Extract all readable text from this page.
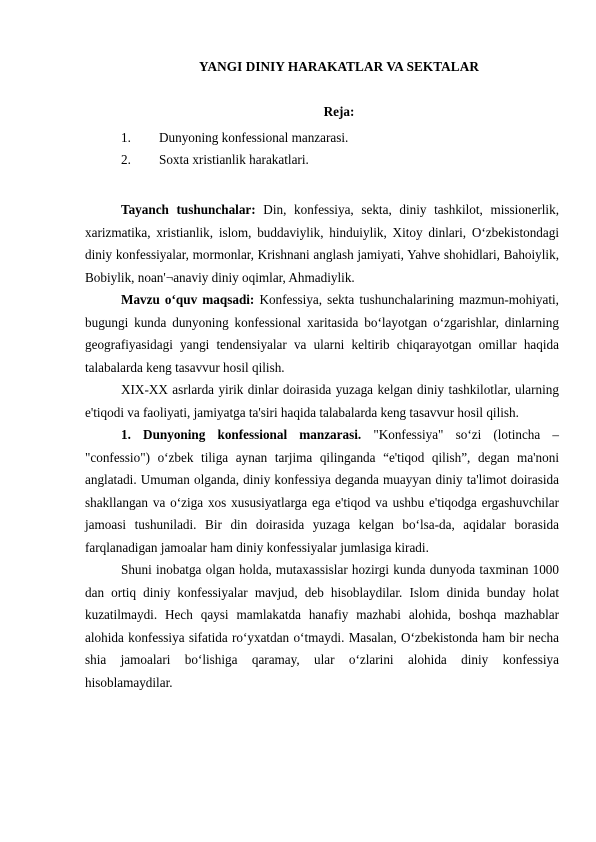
YANGI DINIY HARAKATLAR VA SEKTALAR
Reja:
1.	Dunyoning konfessional manzarasi.
2.	Soxta xristianlik harakatlari.

Tayanch tushunchalar: Din, konfessiya, sekta, diniy tashkilot, missionerlik, xarizmatika, xristianlik, islom, buddaviylik, hinduiylik, Xitoy dinlari, O‘zbekistondagi diniy konfessiyalar, mormonlar, Krishnani anglash jamiyati, Yahve shohidlari, Bahoiylik, Bobiylik, noan'¬anaviy diniy oqimlar, Ahmadiylik.

Mavzu o‘quv maqsadi: Konfessiya, sekta tushunchalarining mazmun-mohiyati, bugungi kunda dunyoning konfessional xaritasida bo‘layotgan o‘zgarishlar, dinlarning geografiyasidagi yangi tendensiyalar va ularni keltirib chiqarayotgan omillar haqida talabalarda keng tasavvur hosil qilish.

XIX-XX asrlarda yirik dinlar doirasida yuzaga kelgan diniy tashkilotlar, ularning e'tiqodi va faoliyati, jamiyatga ta'siri haqida talabalarda keng tasavvur hosil qilish.

1. Dunyoning konfessional manzarasi. "Konfessiya" so‘zi (lotincha – "confessio") o‘zbek tiliga aynan tarjima qilinganda “e'tiqod qilish”, degan ma'noni anglatadi. Umuman olganda, diniy konfessiya deganda muayyan diniy ta'limot doirasida shakllangan va o‘ziga xos xususiyatlarga ega e'tiqod va ushbu e'tiqodga ergashuvchilar jamoasi tushuniladi. Bir din doirasida yuzaga kelgan bo‘lsa-da, aqidalar borasida farqlanadigan jamoalar ham diniy konfessiyalar jumlasiga kiradi.

Shuni inobatga olgan holda, mutaxassislar hozirgi kunda dunyoda taxminan 1000 dan ortiq diniy konfessiyalar mavjud, deb hisoblaydilar. Islom dinida bunday holat kuzatilmaydi. Hech qaysi mamlakatda hanafiy mazhabi alohida, boshqa mazhablar alohida konfessiya sifatida ro‘yxatdan o‘tmaydi. Masalan, O‘zbekistonda ham bir necha shia jamoalari bo‘lishiga qaramay, ular o‘zlarini alohida diniy konfessiya hisoblamaydilar.
